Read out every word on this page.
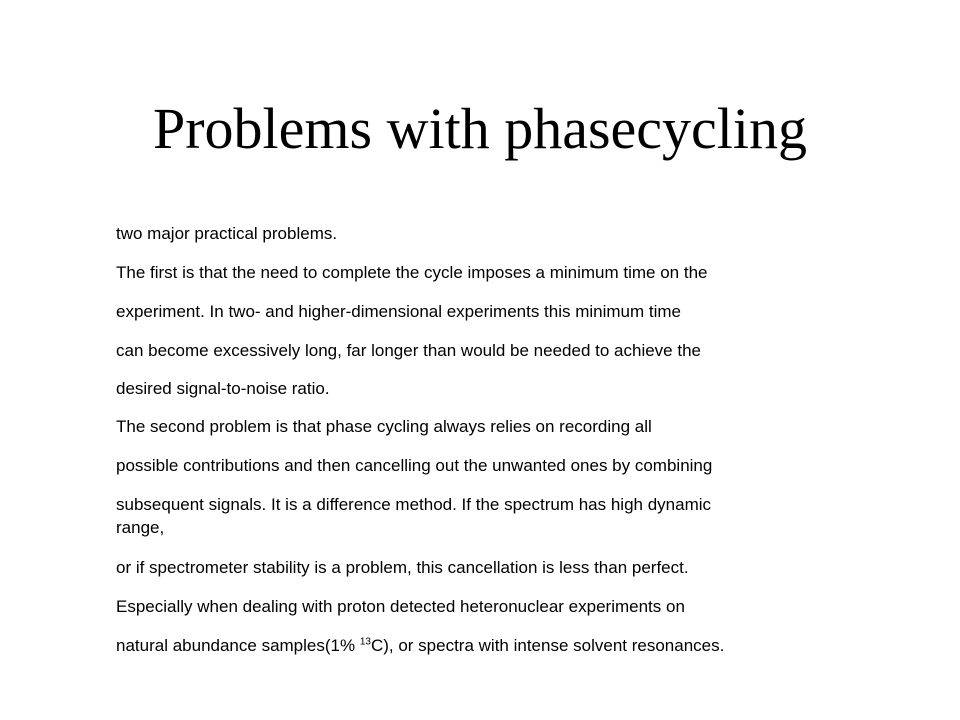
Problems with phasecycling

two major practical problems.

The first is that the need to complete the cycle imposes a minimum time on the

experiment. In two- and higher-dimensional experiments this minimum time

can become excessively long, far longer than would be needed to achieve the

desired signal-to-noise ratio.

The second problem is that phase cycling always relies on recording all

possible contributions and then cancelling out the unwanted ones by combining

subsequent signals. It is a difference method. If the spectrum has high dynamic

range,

or if spectrometer stability is a problem, this cancellation is less than perfect.

Especially when dealing with proton detected heteronuclear experiments on

natural abundance samples(1% $^{13}$C), or spectra with intense solvent resonances.
